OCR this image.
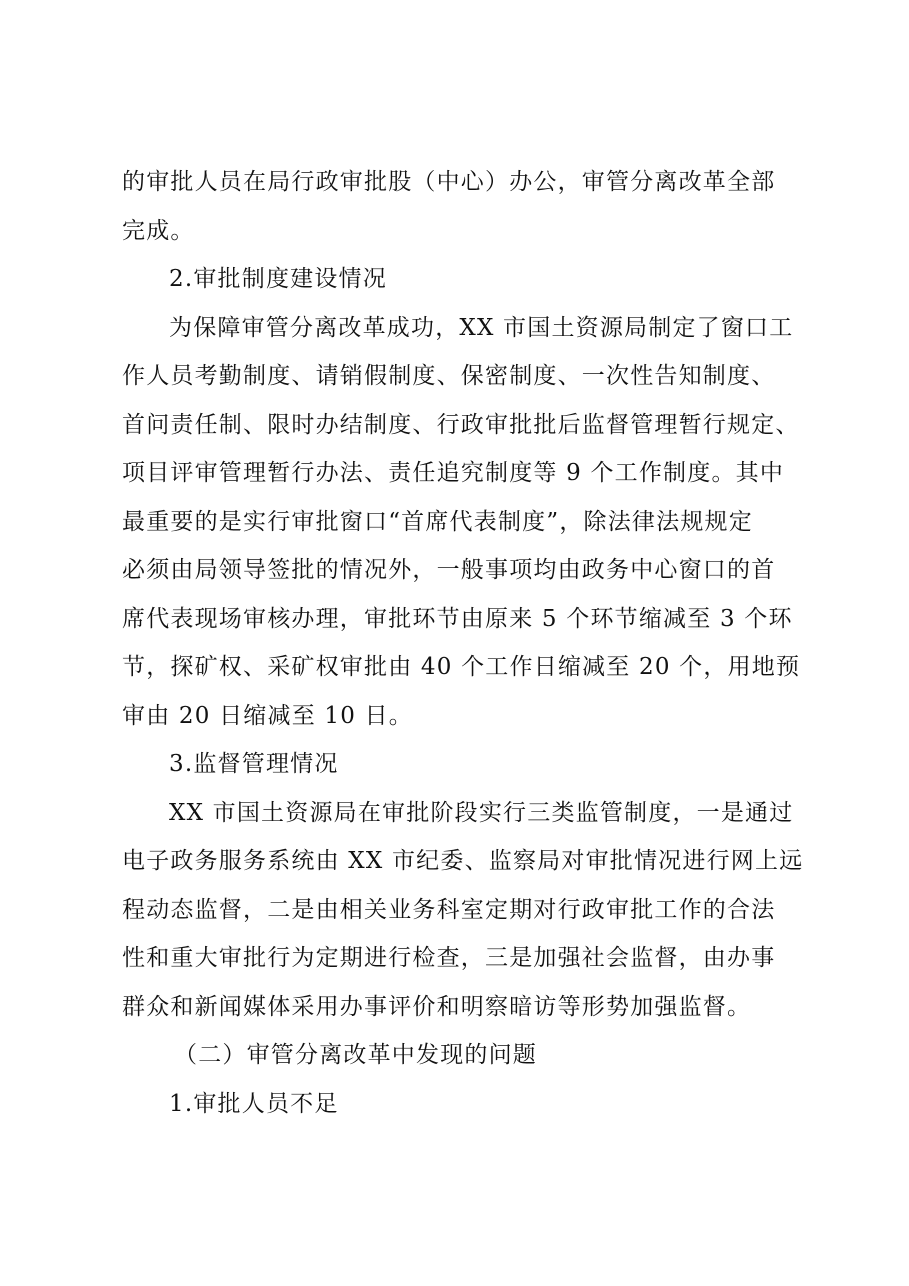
的审批人员在局行政审批股（中心）办公，审管分离改革全部
完成。
2.审批制度建设情况
为保障审管分离改革成功，XX 市国土资源局制定了窗口工
作人员考勤制度、请销假制度、保密制度、一次性告知制度、
首问责任制、限时办结制度、行政审批批后监督管理暂行规定、
项目评审管理暂行办法、责任追究制度等 9 个工作制度。其中
最重要的是实行审批窗口“首席代表制度”，除法律法规规定
必须由局领导签批的情况外，一般事项均由政务中心窗口的首
席代表现场审核办理，审批环节由原来 5 个环节缩减至 3 个环
节，探矿权、采矿权审批由 40 个工作日缩减至 20 个，用地预
审由 20 日缩减至 10 日。
3.监督管理情况
XX 市国土资源局在审批阶段实行三类监管制度，一是通过
电子政务服务系统由 XX 市纪委、监察局对审批情况进行网上远
程动态监督，二是由相关业务科室定期对行政审批工作的合法
性和重大审批行为定期进行检查，三是加强社会监督，由办事
群众和新闻媒体采用办事评价和明察暗访等形势加强监督。
（二）审管分离改革中发现的问题
1.审批人员不足
